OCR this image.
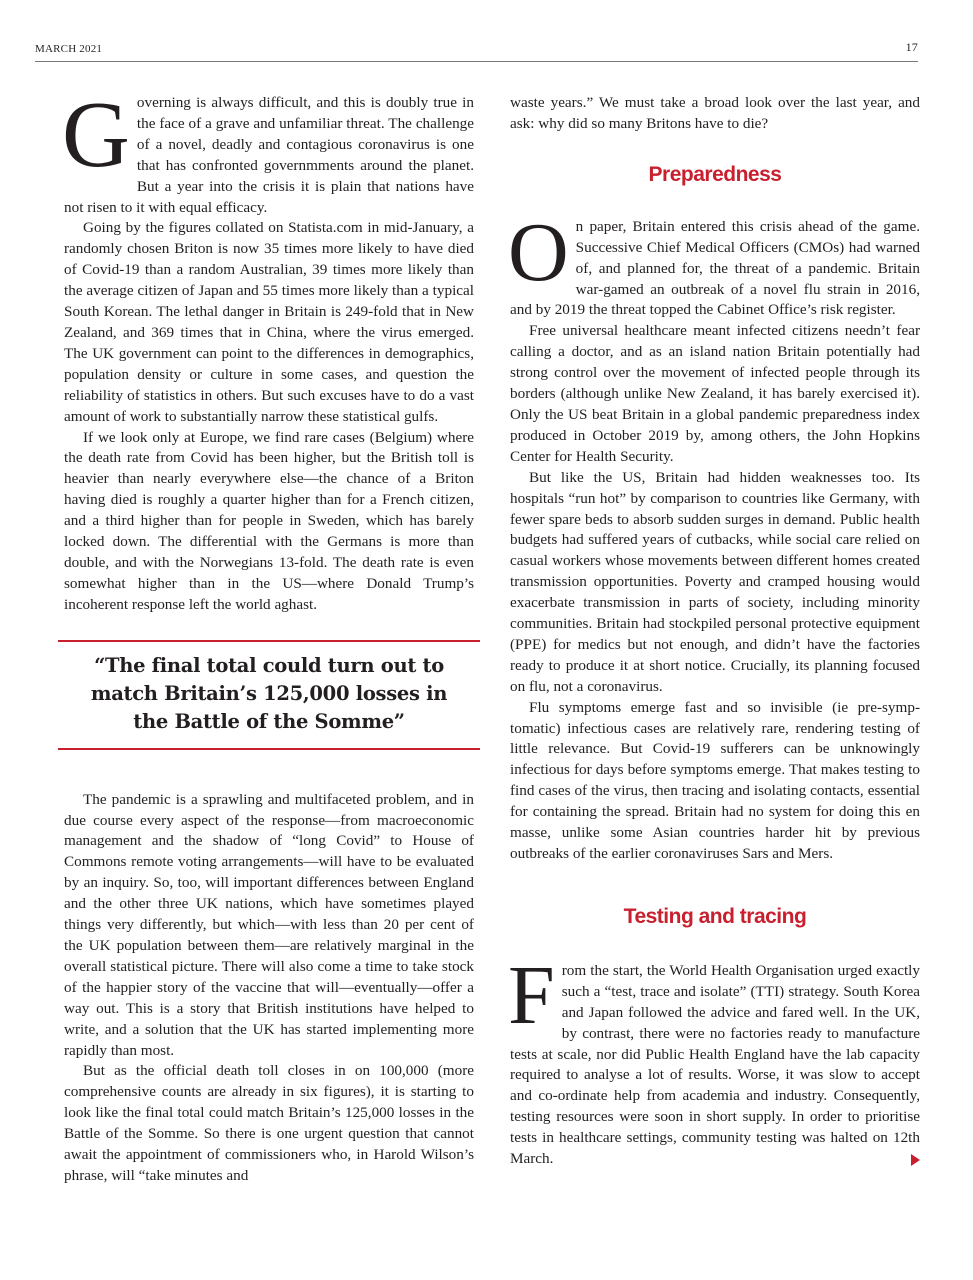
MARCH 2021	17

Governing is always difficult, and this is doubly true in the face of a grave and unfamiliar threat. The challenge of a novel, deadly and contagious coronavirus is one that has confronted governmments around the planet. But a year into the crisis it is plain that nations have not risen to it with equal efficacy.

Going by the figures collated on Statista.com in mid-January, a randomly chosen Briton is now 35 times more likely to have died of Covid-19 than a random Australian, 39 times more likely than the average citizen of Japan and 55 times more likely than a typical South Korean. The lethal danger in Britain is 249-fold that in New Zealand, and 369 times that in China, where the virus emerged. The UK government can point to the differences in demographics, population density or culture in some cases, and question the reliability of statistics in others. But such excuses have to do a vast amount of work to substantially narrow these statistical gulfs.

If we look only at Europe, we find rare cases (Belgium) where the death rate from Covid has been higher, but the British toll is heavier than nearly everywhere else—the chance of a Briton having died is roughly a quarter higher than for a French citizen, and a third higher than for people in Sweden, which has barely locked down. The differential with the Germans is more than double, and with the Norwegians 13-fold. The death rate is even somewhat higher than in the US—where Donald Trump’s incoherent response left the world aghast.

“The final total could turn out to match Britain’s 125,000 losses in the Battle of the Somme”

The pandemic is a sprawling and multifaceted problem, and in due course every aspect of the response—from macroeconomic management and the shadow of “long Covid” to House of Commons remote voting arrangements—will have to be evaluated by an inquiry. So, too, will important differences between England and the other three UK nations, which have sometimes played things very differently, but which—with less than 20 per cent of the UK population between them—are relatively marginal in the overall statistical picture. There will also come a time to take stock of the happier story of the vaccine that will—eventually—offer a way out. This is a story that British institutions have helped to write, and a solution that the UK has started implementing more rapidly than most.

But as the official death toll closes in on 100,000 (more comprehensive counts are already in six figures), it is starting to look like the final total could match Britain’s 125,000 losses in the Battle of the Somme. So there is one urgent question that cannot await the appointment of commissioners who, in Harold Wilson’s phrase, will “take minutes and

waste years.” We must take a broad look over the last year, and ask: why did so many Britons have to die?

Preparedness

On paper, Britain entered this crisis ahead of the game. Successive Chief Medical Officers (CMOs) had warned of, and planned for, the threat of a pandemic. Britain war-gamed an outbreak of a novel flu strain in 2016, and by 2019 the threat topped the Cabinet Office’s risk register.

Free universal healthcare meant infected citizens needn’t fear calling a doctor, and as an island nation Britain potentially had strong control over the movement of infected people through its borders (although unlike New Zealand, it has barely exercised it). Only the US beat Britain in a global pandemic preparedness index produced in October 2019 by, among others, the John Hopkins Center for Health Security.

But like the US, Britain had hidden weaknesses too. Its hospitals “run hot” by comparison to countries like Germany, with fewer spare beds to absorb sudden surges in demand. Public health budgets had suffered years of cutbacks, while social care relied on casual workers whose movements between different homes created transmission opportunities. Poverty and cramped housing would exacerbate transmission in parts of society, including minority communities. Britain had stockpiled personal protective equipment (PPE) for medics but not enough, and didn’t have the factories ready to produce it at short notice. Crucially, its planning focused on flu, not a coronavirus.

Flu symptoms emerge fast and so invisible (ie pre-symptomatic) infectious cases are relatively rare, rendering testing of little relevance. But Covid-19 sufferers can be unknowingly infectious for days before symptoms emerge. That makes testing to find cases of the virus, then tracing and isolating contacts, essential for containing the spread. Britain had no system for doing this en masse, unlike some Asian countries harder hit by previous outbreaks of the earlier coronaviruses Sars and Mers.

Testing and tracing

From the start, the World Health Organisation urged exactly such a “test, trace and isolate” (TTI) strategy. South Korea and Japan followed the advice and fared well. In the UK, by contrast, there were no factories ready to manufacture tests at scale, nor did Public Health England have the lab capacity required to analyse a lot of results. Worse, it was slow to accept and co-ordinate help from academia and industry. Consequently, testing resources were soon in short supply. In order to prioritise tests in healthcare settings, community testing was halted on 12th March.
